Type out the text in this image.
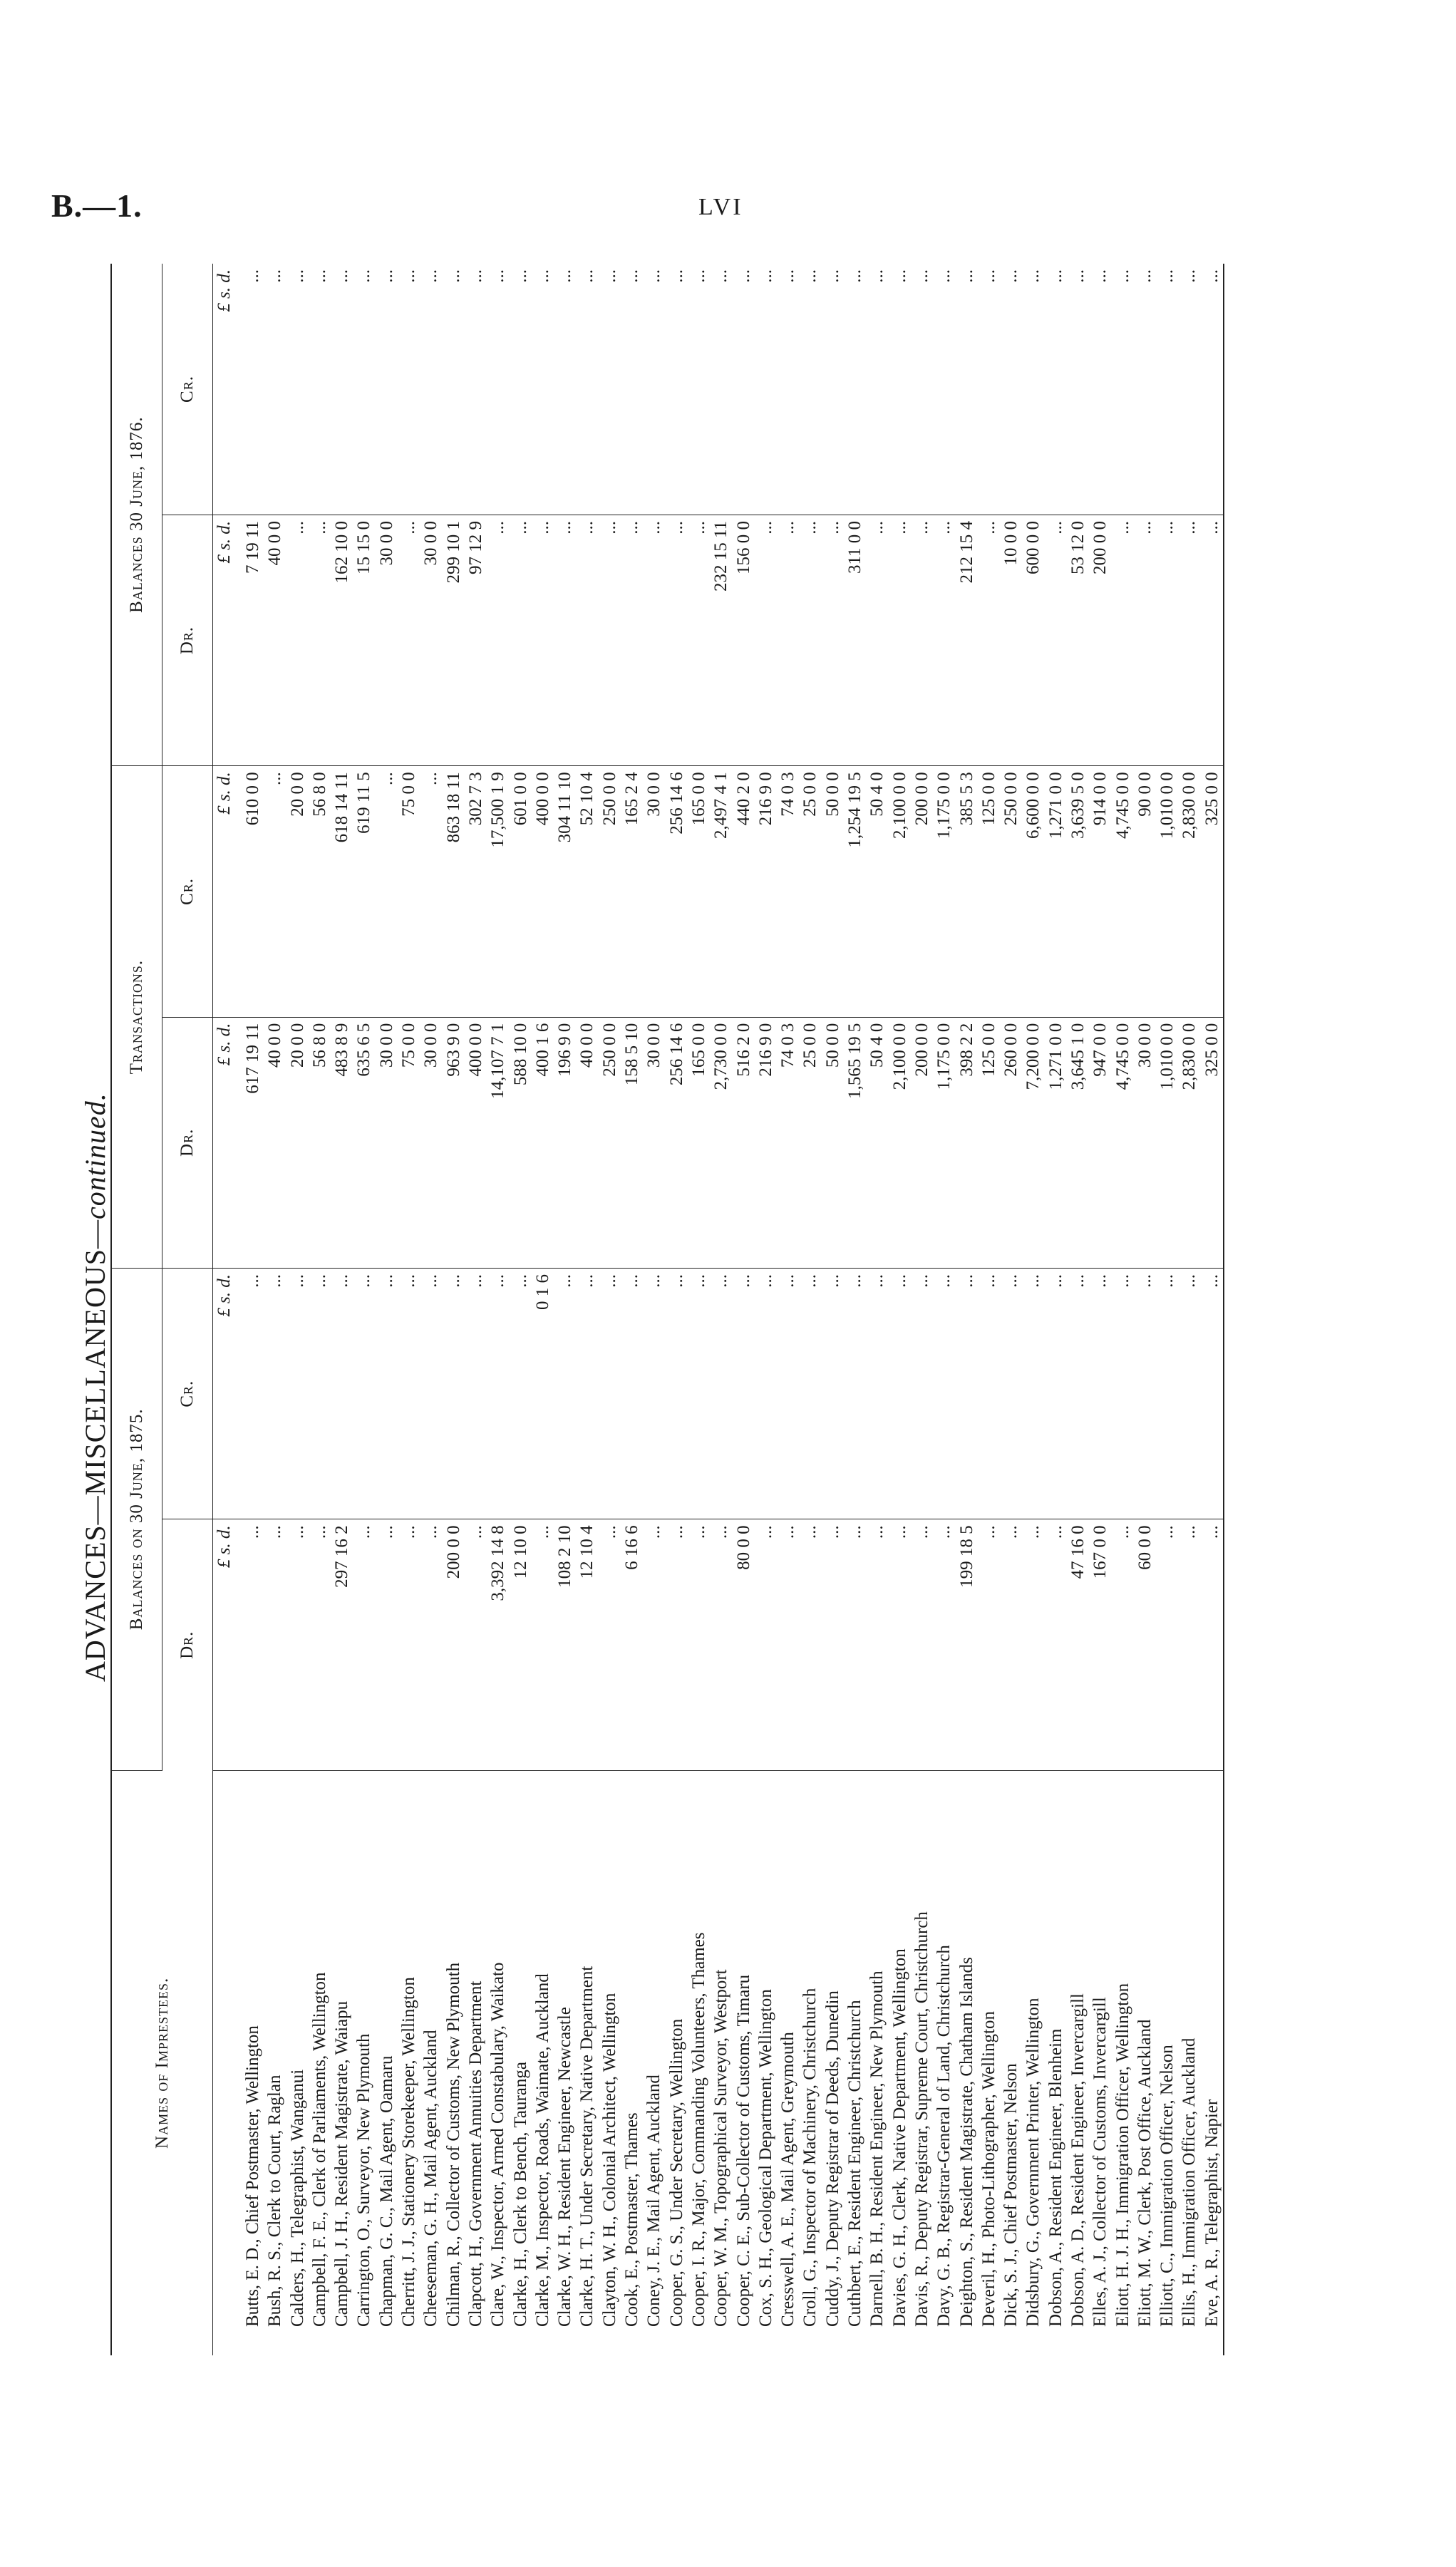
B.—1.	LVI
ADVANCES—MISCELLANEOUS—continued.
Names of Imprestees.	Balances on 30 June, 1875.		Transactions.		Balances 30 June, 1876.	
	Dr.	Cr.	Dr.	Cr.	Dr.	Cr.
	£ s. d.	£ s. d.	£ s. d.	£ s. d.	£ s. d.	£ s. d.
Butts, E. D., Chief Postmaster, Wellington	...	...	617 19 11	610 0 0	7 19 11	...
Bush, R. S., Clerk to Court, Raglan	...	...	40 0 0	...	40 0 0	...
Calders, H., Telegraphist, Wanganui	...	...	20 0 0	20 0 0	...	...
Campbell, F. E., Clerk of Parliaments, Wellington	...	...	56 8 0	56 8 0	...	...
Campbell, J. H., Resident Magistrate, Waiapu	297 16 2	...	483 8 9	618 14 11	162 10 0	...
Carrington, O., Surveyor, New Plymouth	...	...	635 6 5	619 11 5	15 15 0	...
Chapman, G. C., Mail Agent, Oamaru	...	...	30 0 0	...	30 0 0	...
Cherritt, J. J., Stationery Storekeeper, Wellington	...	...	75 0 0	75 0 0	...	...
Cheeseman, G. H., Mail Agent, Auckland	...	...	30 0 0	...	30 0 0	...
Chilman, R., Collector of Customs, New Plymouth	200 0 0	...	963 9 0	863 18 11	299 10 1	...
Clapcott, H., Government Annuities Department	...	...	400 0 0	302 7 3	97 12 9	...
Clare, W., Inspector, Armed Constabulary, Waikato	3,392 14 8	...	14,107 7 1	17,500 1 9	...	...
Clarke, H., Clerk to Bench, Tauranga	12 10 0	...	588 10 0	601 0 0	...	...
Clarke, M., Inspector, Roads, Waimate, Auckland	...	0 1 6	400 1 6	400 0 0	...	...
Clarke, W. H., Resident Engineer, Newcastle	108 2 10	...	196 9 0	304 11 10	...	...
Clarke, H. T., Under Secretary, Native Department	12 10 4	...	40 0 0	52 10 4	...	...
Clayton, W. H., Colonial Architect, Wellington	...	...	250 0 0	250 0 0	...	...
Cook, E., Postmaster, Thames	6 16 6	...	158 5 10	165 2 4	...	...
Coney, J. E., Mail Agent, Auckland	...	...	30 0 0	30 0 0	...	...
Cooper, G. S., Under Secretary, Wellington	...	...	256 14 6	256 14 6	...	...
Cooper, I. R., Major, Commanding Volunteers, Thames	...	...	165 0 0	165 0 0	...	...
Cooper, W. M., Topographical Surveyor, Westport	...	...	2,730 0 0	2,497 4 1	232 15 11	...
Cooper, C. E., Sub-Collector of Customs, Timaru	80 0 0	...	516 2 0	440 2 0	156 0 0	...
Cox, S. H., Geological Department, Wellington	...	...	216 9 0	216 9 0	...	...
Cresswell, A. E., Mail Agent, Greymouth	...	...	74 0 3	74 0 3	...	...
Croll, G., Inspector of Machinery, Christchurch	...	...	25 0 0	25 0 0	...	...
Cuddy, J., Deputy Registrar of Deeds, Dunedin	...	...	50 0 0	50 0 0	...	...
Cuthbert, E., Resident Engineer, Christchurch	...	...	1,565 19 5	1,254 19 5	311 0 0	...
Darnell, B. H., Resident Engineer, New Plymouth	...	...	50 4 0	50 4 0	...	...
Davies, G. H., Clerk, Native Department, Wellington	...	...	2,100 0 0	2,100 0 0	...	...
Davis, R., Deputy Registrar, Supreme Court, Christchurch	...	...	200 0 0	200 0 0	...	...
Davy, G. B., Registrar-General of Land, Christchurch	...	...	1,175 0 0	1,175 0 0	...	...
Deighton, S., Resident Magistrate, Chatham Islands	199 18 5	...	398 2 2	385 5 3	212 15 4	...
Deveril, H., Photo-Lithographer, Wellington	...	...	125 0 0	125 0 0	...	...
Dick, S. J., Chief Postmaster, Nelson	...	...	260 0 0	250 0 0	10 0 0	...
Didsbury, G., Government Printer, Wellington	...	...	7,200 0 0	6,600 0 0	600 0 0	...
Dobson, A., Resident Engineer, Blenheim	...	...	1,271 0 0	1,271 0 0	...	...
Dobson, A. D., Resident Engineer, Invercargill	47 16 0	...	3,645 1 0	3,639 5 0	53 12 0	...
Elles, A. J., Collector of Customs, Invercargill	167 0 0	...	947 0 0	914 0 0	200 0 0	...
Eliott, H. J. H., Immigration Officer, Wellington	...	...	4,745 0 0	4,745 0 0	...	...
Eliott, M. W., Clerk, Post Office, Auckland	60 0 0	...	30 0 0	90 0 0	...	...
Elliott, C., Immigration Officer, Nelson	...	...	1,010 0 0	1,010 0 0	...	...
Ellis, H., Immigration Officer, Auckland	...	...	2,830 0 0	2,830 0 0	...	...
Eve, A. R., Telegraphist, Napier	...	...	325 0 0	325 0 0	...	...
